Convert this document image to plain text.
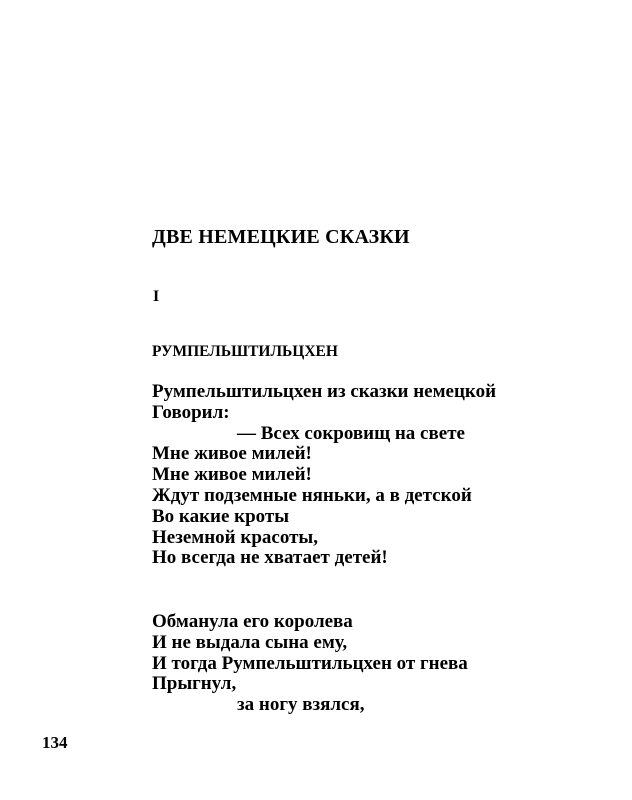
ДВЕ НЕМЕЦКИЕ СКАЗКИ
I
РУМПЕЛЬШТИЛЬЦХЕН
Румпельштильцхен из сказки немецкой
Говорил:
— Всех сокровищ на свете
Мне живое милей!
Мне живое милей!
Ждут подземные няньки, а в детской
Во какие кроты
Неземной красоты,
Но всегда не хватает детей!
Обманула его королева
И не выдала сына ему,
И тогда Румпельштильцхен от гнева
Прыгнул,
за ногу взялся,
134
